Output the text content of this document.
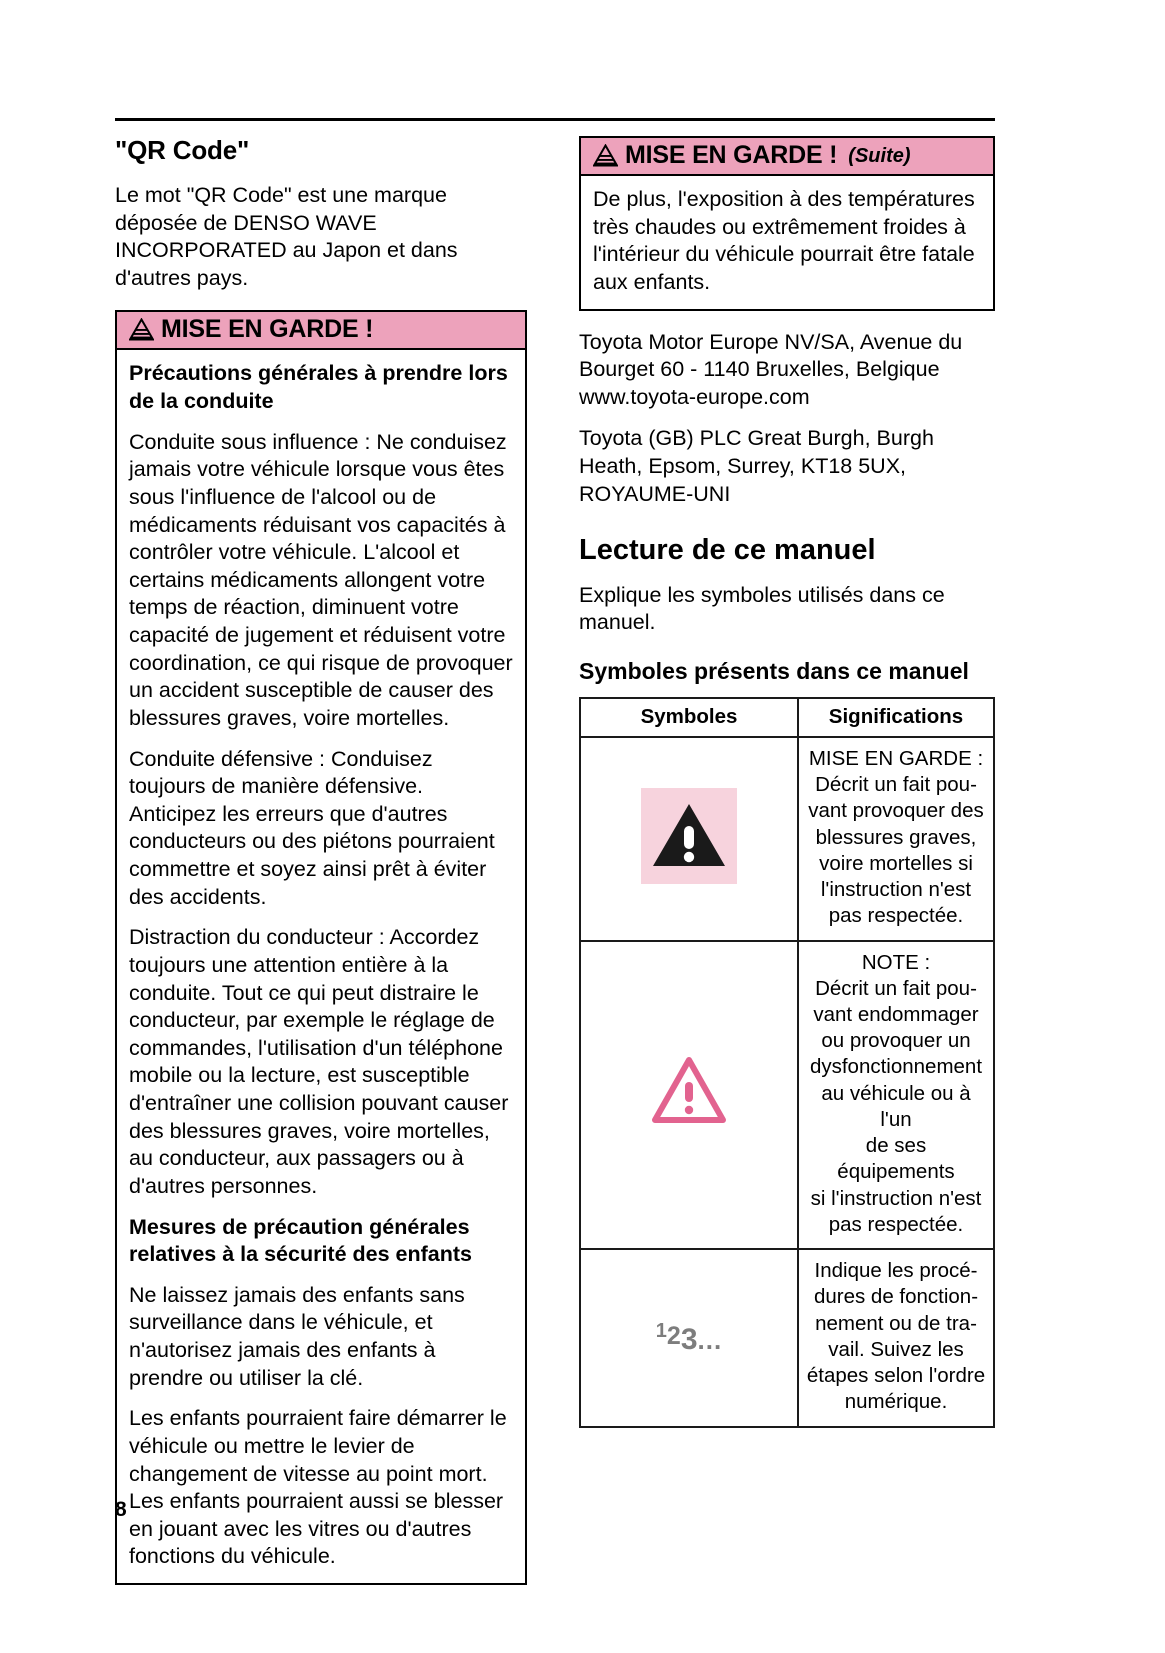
"QR Code"

Le mot "QR Code" est une marque déposée de DENSO WAVE INCORPORATED au Japon et dans d'autres pays.

MISE EN GARDE !

Précautions générales à prendre lors de la conduite

Conduite sous influence : Ne conduisez jamais votre véhicule lorsque vous êtes sous l'influence de l'alcool ou de médicaments réduisant vos capacités à contrôler votre véhicule. L'alcool et certains médicaments allongent votre temps de réaction, diminuent votre capacité de jugement et réduisent votre coordination, ce qui risque de provoquer un accident susceptible de causer des blessures graves, voire mortelles.

Conduite défensive : Conduisez toujours de manière défensive. Anticipez les erreurs que d'autres conducteurs ou des piétons pourraient commettre et soyez ainsi prêt à éviter des accidents.

Distraction du conducteur : Accordez toujours une attention entière à la conduite. Tout ce qui peut distraire le conducteur, par exemple le réglage de commandes, l'utilisation d'un téléphone mobile ou la lecture, est susceptible d'entraîner une collision pouvant causer des blessures graves, voire mortelles, au conducteur, aux passagers ou à d'autres personnes.

Mesures de précaution générales relatives à la sécurité des enfants

Ne laissez jamais des enfants sans surveillance dans le véhicule, et n'autorisez jamais des enfants à prendre ou utiliser la clé.

Les enfants pourraient faire démarrer le véhicule ou mettre le levier de changement de vitesse au point mort. Les enfants pourraient aussi se blesser en jouant avec les vitres ou d'autres fonctions du véhicule.

MISE EN GARDE ! (Suite)

De plus, l'exposition à des températures très chaudes ou extrêmement froides à l'intérieur du véhicule pourrait être fatale aux enfants.

Toyota Motor Europe NV/SA, Avenue du Bourget 60 - 1140 Bruxelles, Belgique www.toyota-europe.com

Toyota (GB) PLC Great Burgh, Burgh Heath, Epsom, Surrey, KT18 5UX, ROYAUME-UNI

Lecture de ce manuel

Explique les symboles utilisés dans ce manuel.

Symboles présents dans ce manuel
Symboles	Significations

MISE EN GARDE :
Décrit un fait pou-
vant provoquer des
blessures graves,
voire mortelles si
l'instruction n'est
pas respectée.

NOTE :
Décrit un fait pou-
vant endommager
ou provoquer un
dysfonctionnement
au véhicule ou à l'un
de ses équipements
si l'instruction n'est
pas respectée.

123...	
Indique les procé-
dures de fonction-
nement ou de tra-
vail. Suivez les
étapes selon l'ordre
numérique.
8
